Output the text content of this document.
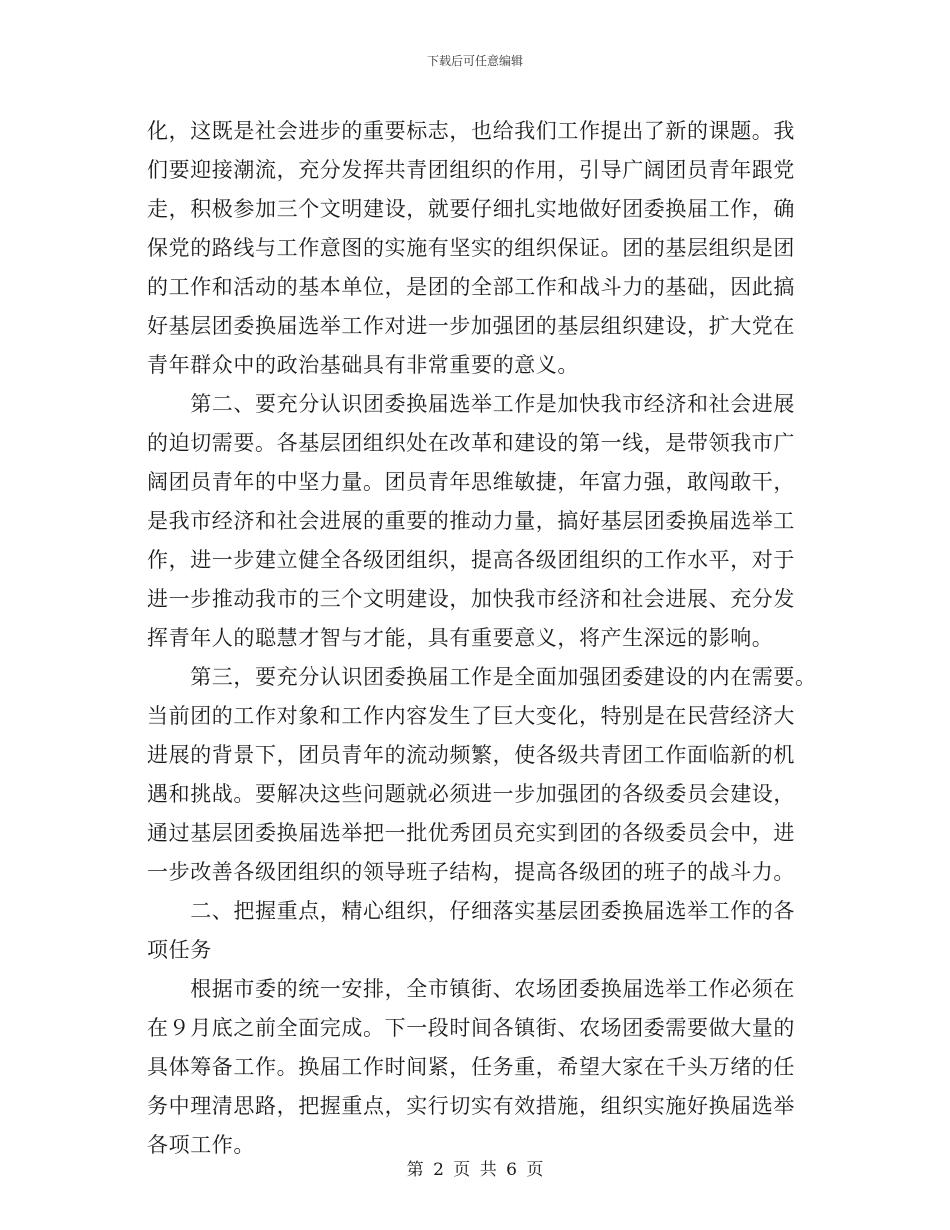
下载后可任意编辑
化，这既是社会进步的重要标志，也给我们工作提出了新的课题。我
们要迎接潮流，充分发挥共青团组织的作用，引导广阔团员青年跟党
走，积极参加三个文明建设，就要仔细扎实地做好团委换届工作，确
保党的路线与工作意图的实施有坚实的组织保证。团的基层组织是团
的工作和活动的基本单位，是团的全部工作和战斗力的基础，因此搞
好基层团委换届选举工作对进一步加强团的基层组织建设，扩大党在
青年群众中的政治基础具有非常重要的意义。
　　第二、要充分认识团委换届选举工作是加快我市经济和社会进展
的迫切需要。各基层团组织处在改革和建设的第一线，是带领我市广
阔团员青年的中坚力量。团员青年思维敏捷，年富力强，敢闯敢干，
是我市经济和社会进展的重要的推动力量，搞好基层团委换届选举工
作，进一步建立健全各级团组织，提高各级团组织的工作水平，对于
进一步推动我市的三个文明建设，加快我市经济和社会进展、充分发
挥青年人的聪慧才智与才能，具有重要意义，将产生深远的影响。
　　第三，要充分认识团委换届工作是全面加强团委建设的内在需要。
当前团的工作对象和工作内容发生了巨大变化，特别是在民营经济大
进展的背景下，团员青年的流动频繁，使各级共青团工作面临新的机
遇和挑战。要解决这些问题就必须进一步加强团的各级委员会建设，
通过基层团委换届选举把一批优秀团员充实到团的各级委员会中，进
一步改善各级团组织的领导班子结构，提高各级团的班子的战斗力。
　　二、把握重点，精心组织，仔细落实基层团委换届选举工作的各
项任务
　　根据市委的统一安排，全市镇街、农场团委换届选举工作必须在
在９月底之前全面完成。下一段时间各镇街、农场团委需要做大量的
具体筹备工作。换届工作时间紧，任务重，希望大家在千头万绪的任
务中理清思路，把握重点，实行切实有效措施，组织实施好换届选举
各项工作。
第 2 页 共 6 页
